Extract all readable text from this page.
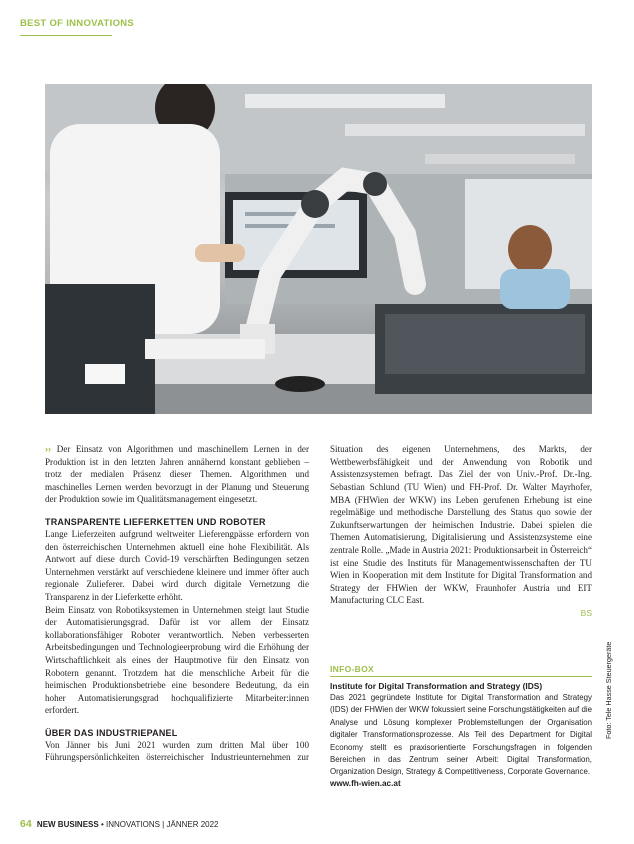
BEST OF INNOVATIONS

›› Der Einsatz von Algorithmen und maschinellem Lernen in der Produktion ist in den letzten Jahren annähernd konstant geblieben – trotz der medialen Präsenz dieser Themen. Algorithmen und maschinelles Lernen werden bevorzugt in der Planung und Steuerung der Produktion sowie im Qualitätsmanagement eingesetzt.

TRANSPARENTE LIEFERKETTEN UND ROBOTER

Lange Lieferzeiten aufgrund weltweiter Lieferengpässe erfordern von den österreichischen Unternehmen aktuell eine hohe Flexibilität. Als Antwort auf diese durch Covid-19 verschärften Bedingungen setzen Unternehmen verstärkt auf verschiedene kleinere und immer öfter auch regionale Zulieferer. Dabei wird durch digitale Vernetzung die Transparenz in der Lieferkette erhöht.

Beim Einsatz von Robotiksystemen in Unternehmen steigt laut Studie der Automatisierungsgrad. Dafür ist vor allem der Einsatz kollaborationsfähiger Roboter verantwortlich. Neben verbesserten Arbeitsbedingungen und Technologieerprobung wird die Erhöhung der Wirtschaftlichkeit als eines der Hauptmotive für den Einsatz von Robotern genannt. Trotzdem hat die menschliche Arbeit für die heimischen Produktionsbetriebe eine besondere Bedeutung, da ein hoher Automatisierungsgrad hochqualifizierte Mitarbeiter:innen erfordert.

ÜBER DAS INDUSTRIEPANEL

Von Jänner bis Juni 2021 wurden zum dritten Mal über 100 Führungspersönlichkeiten österreichischer Industrieunternehmen zur

Situation des eigenen Unternehmens, des Markts, der Wettbewerbsfähigkeit und der Anwendung von Robotik und Assistenzsystemen befragt. Das Ziel der von Univ.-Prof. Dr.-Ing. Sebastian Schlund (TU Wien) und FH-Prof. Dr. Walter Mayrhofer, MBA (FHWien der WKW) ins Leben gerufenen Erhebung ist eine regelmäßige und methodische Darstellung des Status quo sowie der Zukunftserwartungen der heimischen Industrie. Dabei spielen die Themen Automatisierung, Digitalisierung und Assistenzsysteme eine zentrale Rolle. „Made in Austria 2021: Produktionsarbeit in Österreich“ ist eine Studie des Instituts für Managementwissenschaften der TU Wien in Kooperation mit dem Institute for Digital Transformation and Strategy der FHWien der WKW, Fraunhofer Austria und EIT Manufacturing CLC East.

BS
INFO-BOX
Institute for Digital Transformation and Strategy (IDS)
Das 2021 gegründete Institute for Digital Transformation and Strategy (IDS) der FHWien der WKW fokussiert seine Forschungstätigkeiten auf die Analyse und Lösung komplexer Problemstellungen der Organisation digitaler Transformationsprozesse. Als Teil des Department for Digital Economy stellt es praxisorientierte Forschungsfragen in folgenden Bereichen in das Zentrum seiner Arbeit: Digital Transformation, Organization Design, Strategy & Competitiveness, Corporate Governance.
www.fh-wien.ac.at
Foto: Tele Hasse Steuergeräte
64 NEW BUSINESS • INNOVATIONS | JÄNNER 2022
